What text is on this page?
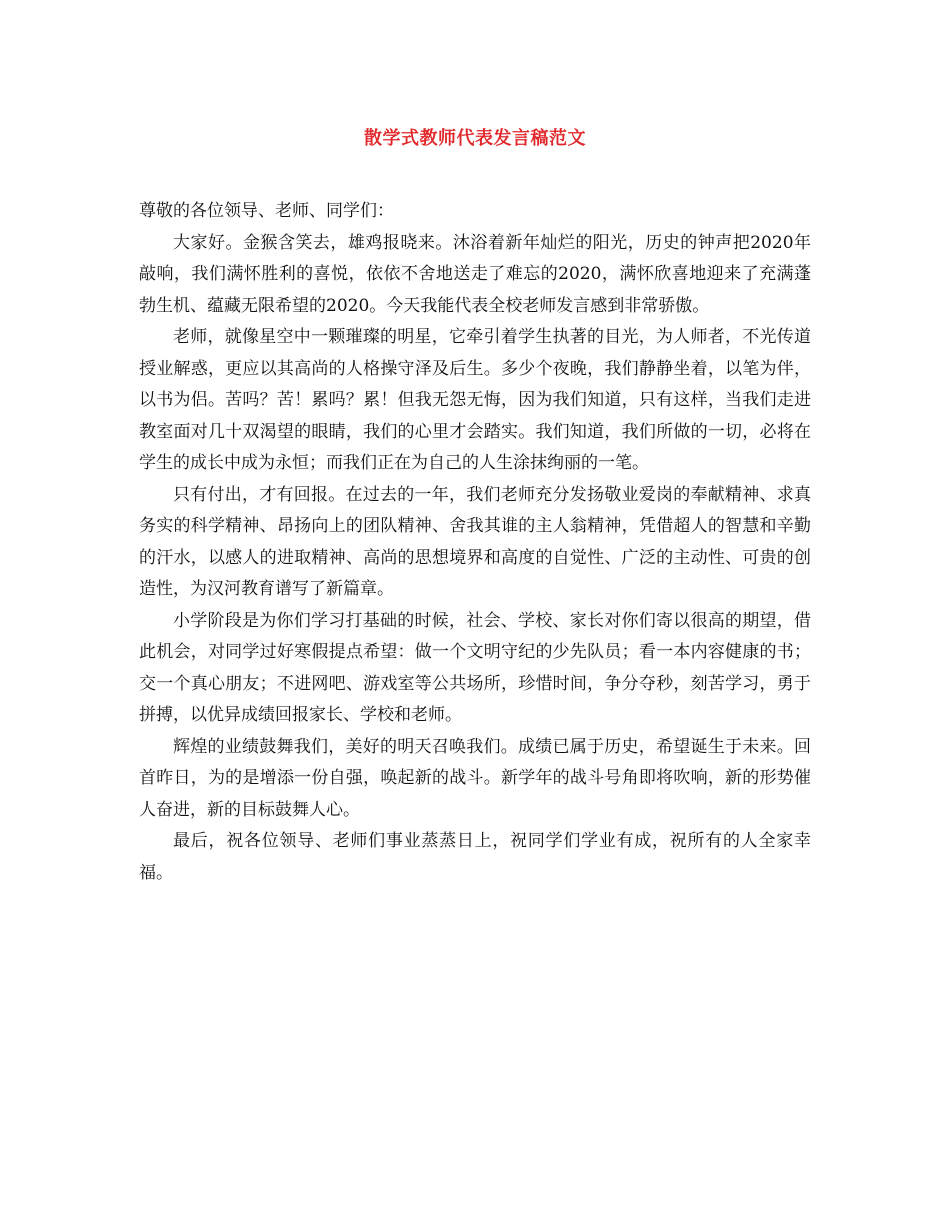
散学式教师代表发言稿范文

尊敬的各位领导、老师、同学们：

大家好。金猴含笑去，雄鸡报晓来。沐浴着新年灿烂的阳光，历史的钟声把2020年敲响，我们满怀胜利的喜悦，依依不舍地送走了难忘的2020，满怀欣喜地迎来了充满蓬勃生机、蕴藏无限希望的2020。今天我能代表全校老师发言感到非常骄傲。

老师，就像星空中一颗璀璨的明星，它牵引着学生执著的目光，为人师者，不光传道授业解惑，更应以其高尚的人格操守泽及后生。多少个夜晚，我们静静坐着，以笔为伴，以书为侣。苦吗？苦！累吗？累！但我无怨无悔，因为我们知道，只有这样，当我们走进教室面对几十双渴望的眼睛，我们的心里才会踏实。我们知道，我们所做的一切，必将在学生的成长中成为永恒；而我们正在为自己的人生涂抹绚丽的一笔。

只有付出，才有回报。在过去的一年，我们老师充分发扬敬业爱岗的奉献精神、求真务实的科学精神、昂扬向上的团队精神、舍我其谁的主人翁精神，凭借超人的智慧和辛勤的汗水，以感人的进取精神、高尚的思想境界和高度的自觉性、广泛的主动性、可贵的创造性，为汉河教育谱写了新篇章。

小学阶段是为你们学习打基础的时候，社会、学校、家长对你们寄以很高的期望，借此机会，对同学过好寒假提点希望：做一个文明守纪的少先队员；看一本内容健康的书；交一个真心朋友；不进网吧、游戏室等公共场所，珍惜时间，争分夺秒，刻苦学习，勇于拼搏，以优异成绩回报家长、学校和老师。

辉煌的业绩鼓舞我们，美好的明天召唤我们。成绩已属于历史，希望诞生于未来。回首昨日，为的是增添一份自强，唤起新的战斗。新学年的战斗号角即将吹响，新的形势催人奋进，新的目标鼓舞人心。

最后，祝各位领导、老师们事业蒸蒸日上，祝同学们学业有成，祝所有的人全家幸福。
